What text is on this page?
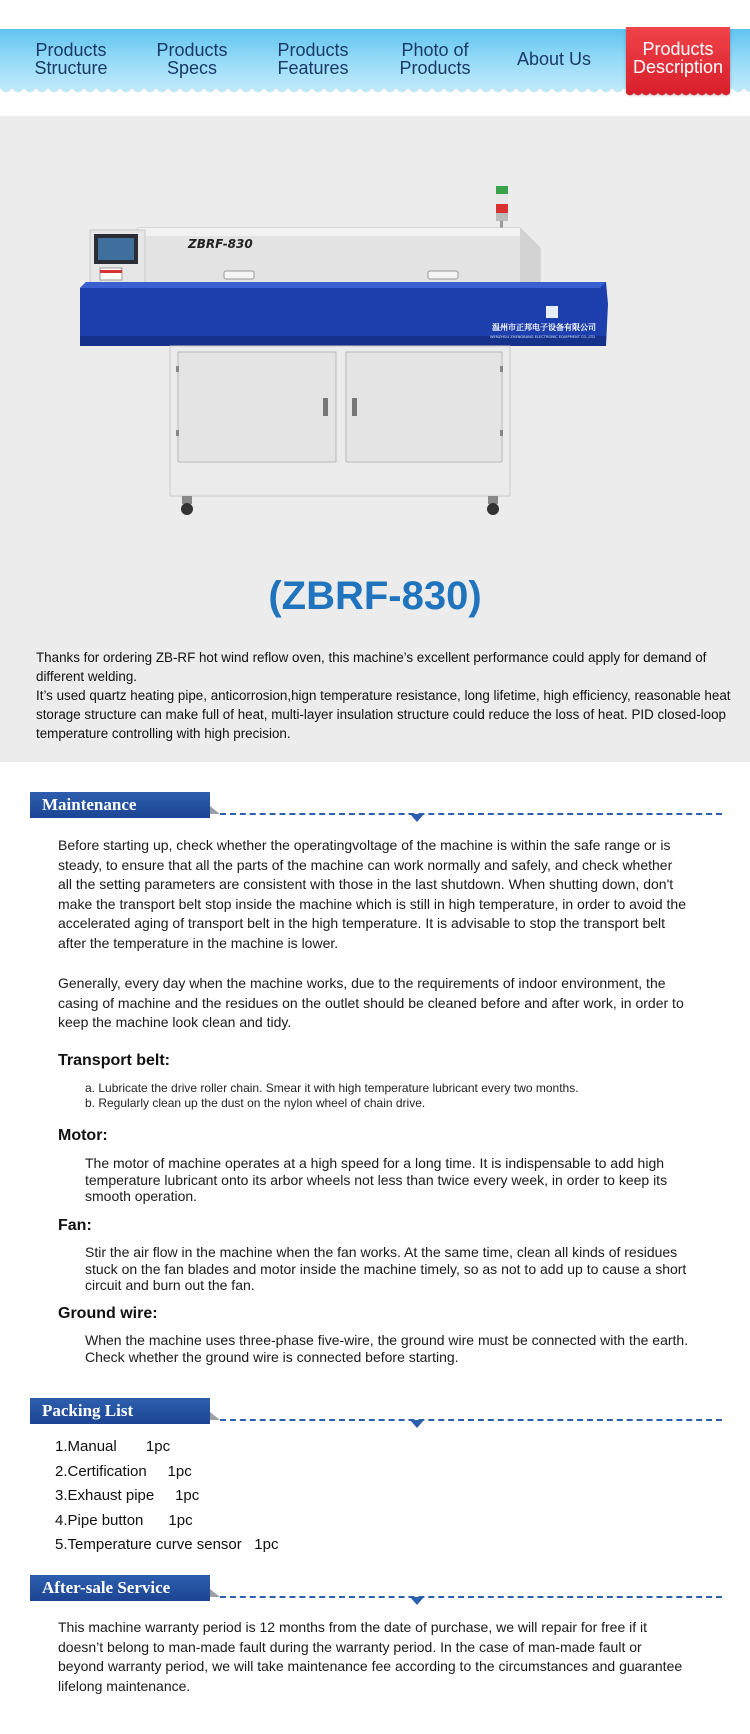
Products
Structure
Products
Specs
Products
Features
Photo of
Products	About Us	Products
Description
ZBRF-830
温州市正邦电子设备有限公司
WENZHOU ZHENGBANG ELECTRONIC EQUIPMENT CO.,LTD
(ZBRF-830)

Thanks for ordering ZB-RF hot wind reflow oven, this machine’s excellent performance could apply for demand of different welding.

It’s used quartz heating pipe, anticorrosion,hign temperature resistance, long lifetime, high efficiency, reasonable heat storage structure can make full of heat, multi-layer insulation structure could reduce the loss of heat. PID closed-loop temperature controlling with high precision.

Maintenance

Before starting up, check whether the operatingvoltage of the machine is within the safe range or is steady, to ensure that all the parts of the machine can work normally and safely, and check whether all the setting parameters are consistent with those in the last shutdown. When shutting down, don't make the transport belt stop inside the machine which is still in high temperature, in order to avoid the accelerated aging of transport belt in the high temperature. It is advisable to stop the transport belt after the temperature in the machine is lower.

Generally, every day when the machine works, due to the requirements of indoor environment, the casing of machine and the residues on the outlet should be cleaned before and after work, in order to keep the machine look clean and tidy.

Transport belt:
a. Lubricate the drive roller chain. Smear it with high temperature lubricant every two months.
b. Regularly clean up the dust on the nylon wheel of chain drive.
Motor:

The motor of machine operates at a high speed for a long time. It is indispensable to add high temperature lubricant onto its arbor wheels not less than twice every week, in order to keep its smooth operation.

Fan:

Stir the air flow in the machine when the fan works. At the same time, clean all kinds of residues stuck on the fan blades and motor inside the machine timely, so as not to add up to cause a short circuit and burn out the fan.

Ground wire:

When the machine uses three-phase five-wire, the ground wire must be connected with the earth. Check whether the ground wire is connected before starting.

Packing List
1.Manual       1pc
2.Certification     1pc
3.Exhaust pipe     1pc
4.Pipe button      1pc
5.Temperature curve sensor   1pc
After-sale Service

This machine warranty period is 12 months from the date of purchase, we will repair for free if it doesn’t belong to man-made fault during the warranty period. In the case of man-made fault or beyond warranty period, we will take maintenance fee according to the circumstances and guarantee lifelong maintenance.
